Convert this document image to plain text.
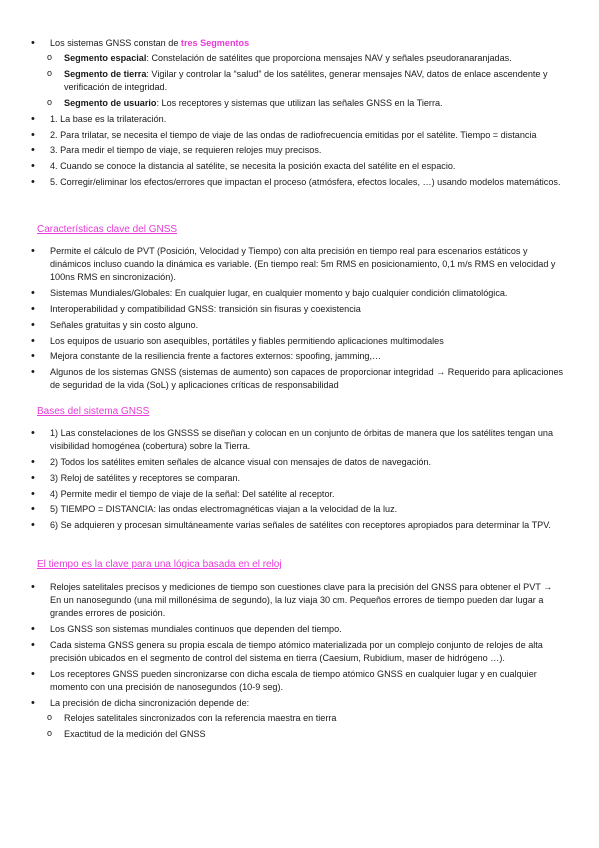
• Los sistemas GNSS constan de tres Segmentos
o Segmento espacial: Constelación de satélites que proporciona mensajes NAV y señales pseudoranaranjadas.
o Segmento de tierra: Vigilar y controlar la “salud” de los satélites, generar mensajes NAV, datos de enlace ascendente y verificación de integridad.
o Segmento de usuario: Los receptores y sistemas que utilizan las señales GNSS en la Tierra.
• 1. La base es la trilateración.
• 2. Para trilatar, se necesita el tiempo de viaje de las ondas de radiofrecuencia emitidas por el satélite. Tiempo = distancia
• 3. Para medir el tiempo de viaje, se requieren relojes muy precisos.
• 4. Cuando se conoce la distancia al satélite, se necesita la posición exacta del satélite en el espacio.
• 5. Corregir/eliminar los efectos/errores que impactan el proceso (atmósfera, efectos locales, …) usando modelos matemáticos.
Características clave del GNSS
• Permite el cálculo de PVT (Posición, Velocidad y Tiempo) con alta precisión en tiempo real para escenarios estáticos y dinámicos incluso cuando la dinámica es variable. (En tiempo real: 5m RMS en posicionamiento, 0,1 m/s RMS en velocidad y 100ns RMS en sincronización).
• Sistemas Mundiales/Globales: En cualquier lugar, en cualquier momento y bajo cualquier condición climatológica.
• Interoperabilidad y compatibilidad GNSS: transición sin fisuras y coexistencia
• Señales gratuitas y sin costo alguno.
• Los equipos de usuario son asequibles, portátiles y fiables permitiendo aplicaciones multimodales
• Mejora constante de la resiliencia frente a factores externos: spoofing, jamming,…
• Algunos de los sistemas GNSS (sistemas de aumento) son capaces de proporcionar integridad → Requerido para aplicaciones de seguridad de la vida (SoL) y aplicaciones críticas de responsabilidad
Bases del sistema GNSS
• 1) Las constelaciones de los GNSSS se diseñan y colocan en un conjunto de órbitas de manera que los satélites tengan una visibilidad homogénea (cobertura) sobre la Tierra.
• 2) Todos los satélites emiten señales de alcance visual con mensajes de datos de navegación.
• 3) Reloj de satélites y receptores se comparan.
• 4) Permite medir el tiempo de viaje de la señal: Del satélite al receptor.
• 5) TIEMPO = DISTANCIA: las ondas electromagnéticas viajan a la velocidad de la luz.
• 6) Se adquieren y procesan simultáneamente varias señales de satélites con receptores apropiados para determinar la TPV.
El tiempo es la clave para una lógica basada en el reloj
• Relojes satelitales precisos y mediciones de tiempo son cuestiones clave para la precisión del GNSS para obtener el PVT → En un nanosegundo (una mil millonésima de segundo), la luz viaja 30 cm. Pequeños errores de tiempo pueden dar lugar a grandes errores de posición.
• Los GNSS son sistemas mundiales continuos que dependen del tiempo.
• Cada sistema GNSS genera su propia escala de tiempo atómico materializada por un complejo conjunto de relojes de alta precisión ubicados en el segmento de control del sistema en tierra (Caesium, Rubidium, maser de hidrógeno …).
• Los receptores GNSS pueden sincronizarse con dicha escala de tiempo atómico GNSS en cualquier lugar y en cualquier momento con una precisión de nanosegundos (10-9 seg).
• La precisión de dicha sincronización depende de:
o Relojes satelitales sincronizados con la referencia maestra en tierra
o Exactitud de la medición del GNSS
